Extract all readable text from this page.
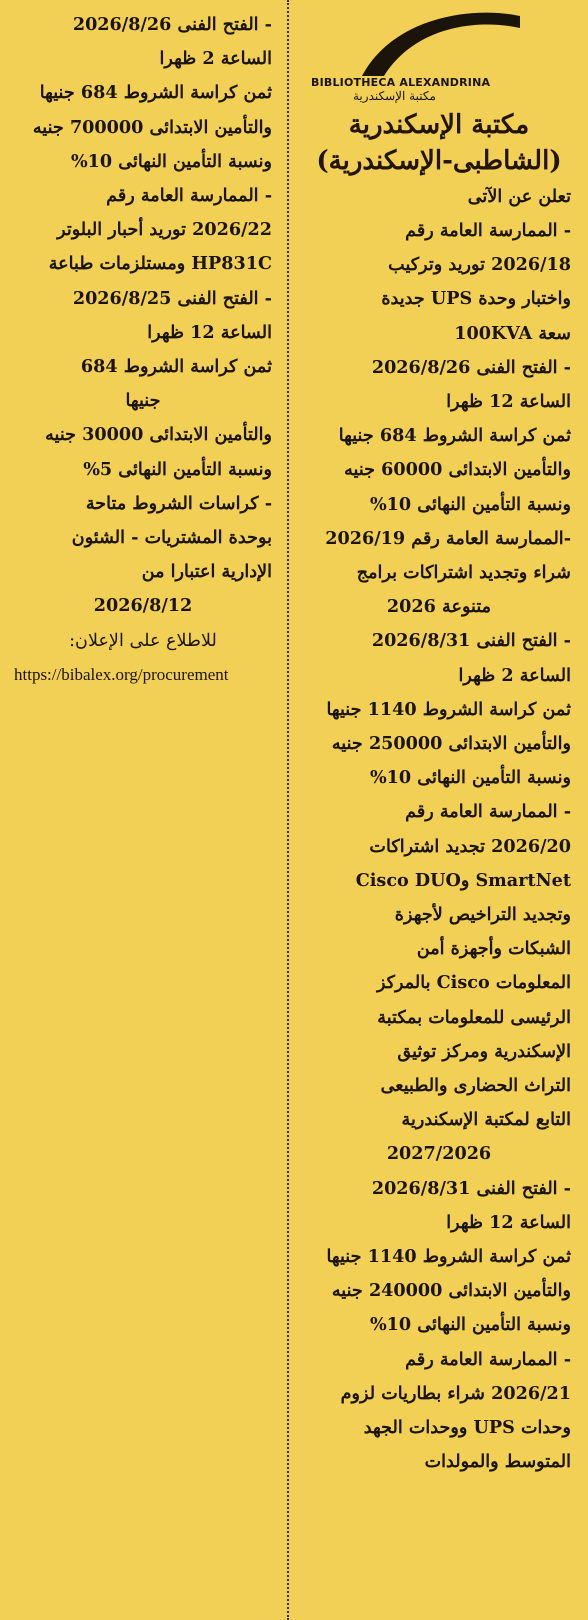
BIBLIOTHECA ALEXANDRINA
مكتبة الإسكندرية
مكتبة الإسكندرية
(الشاطبى-الإسكندرية)
تعلن عن الآتى
- الممارسة العامة رقم
2026/18 توريد وتركيب
واختبار وحدة UPS جديدة
سعة 100KVA
- الفتح الفنى 2026/8/26
الساعة 12 ظهرا
ثمن كراسة الشروط 684 جنيها
والتأمين الابتدائى 60000 جنيه
ونسبة التأمين النهائى 10%
-الممارسة العامة رقم 2026/19
شراء وتجديد اشتراكات برامج
متنوعة 2026
- الفتح الفنى 2026/8/31
الساعة 2 ظهرا
ثمن كراسة الشروط 1140 جنيها
والتأمين الابتدائى 250000 جنيه
ونسبة التأمين النهائى 10%
- الممارسة العامة رقم
2026/20 تجديد اشتراكات
SmartNet وCisco DUO
وتجديد التراخيص لأجهزة
الشبكات وأجهزة أمن
المعلومات Cisco بالمركز
الرئيسى للمعلومات بمكتبة
الإسكندرية ومركز توثيق
التراث الحضارى والطبيعى
التابع لمكتبة الإسكندرية
2027/2026
- الفتح الفنى 2026/8/31
الساعة 12 ظهرا
ثمن كراسة الشروط 1140 جنيها
والتأمين الابتدائى 240000 جنيه
ونسبة التأمين النهائى 10%
- الممارسة العامة رقم
2026/21 شراء بطاريات لزوم
وحدات UPS ووحدات الجهد
المتوسط والمولدات
- الفتح الفنى 2026/8/26
الساعة 2 ظهرا
ثمن كراسة الشروط 684 جنيها
والتأمين الابتدائى 700000 جنيه
ونسبة التأمين النهائى 10%
- الممارسة العامة رقم
2026/22 توريد أحبار البلوتر
HP831C ومستلزمات طباعة
- الفتح الفنى 2026/8/25
الساعة 12 ظهرا
ثمن كراسة الشروط 684
جنيها
والتأمين الابتدائى 30000 جنيه
ونسبة التأمين النهائى 5%
- كراسات الشروط متاحة
بوحدة المشتريات - الشئون
الإدارية اعتبارا من
2026/8/12
للاطلاع على الإعلان:
https://bibalex.org/procurement
